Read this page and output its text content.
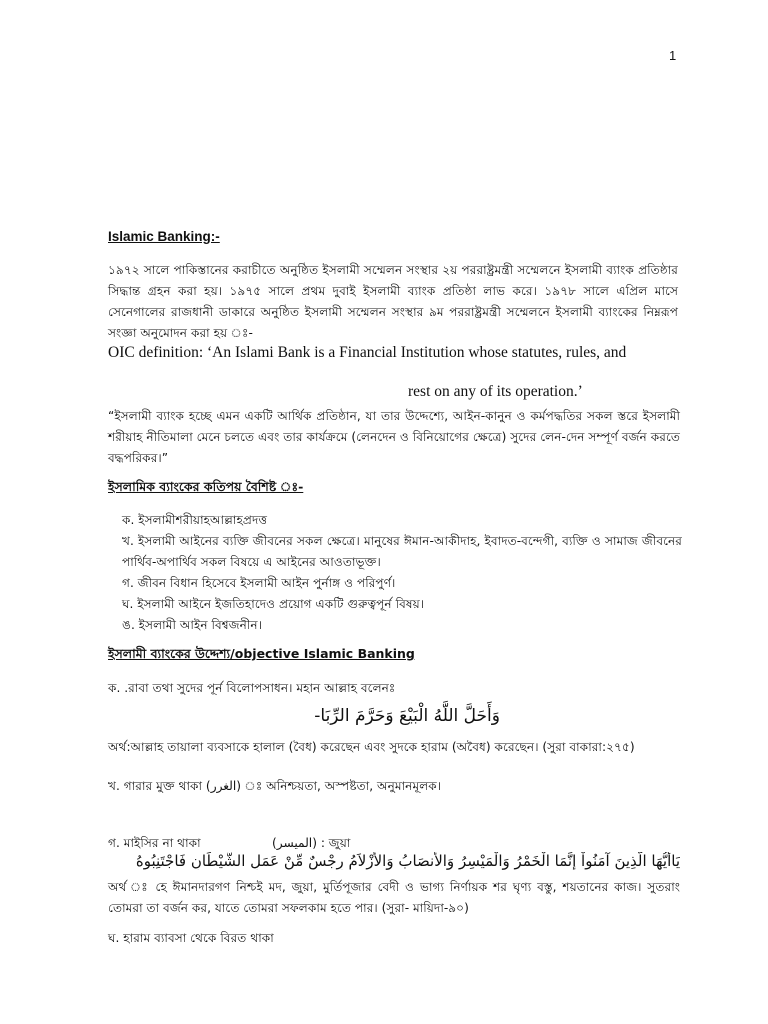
1
Islamic Banking:-
১৯৭২ সালে পাকিস্তানের করাচীতে অনুষ্ঠিত ইসলামী সম্মেলন সংস্থার ২য় পররাষ্ট্রমন্ত্রী সম্মেলনে ইসলামী ব্যাংক প্রতিষ্ঠার সিদ্ধান্ত গ্রহন করা হয়। ১৯৭৫ সালে প্রথম দুবাই ইসলামী ব্যাংক প্রতিষ্ঠা লাভ করে। ১৯৭৮ সালে এপ্রিল মাসে সেনেগালের রাজধানী ডাকারে অনুষ্ঠিত ইসলামী সম্মেলন সংস্থার ৯ম পররাষ্ট্রমন্ত্রী সম্মেলনে ইসলামী ব্যাংকের নিম্নরূপ সংজ্ঞা অনুমোদন করা হয় ঃ-
OIC definition: ‘An Islami Bank is a Financial Institution whose statutes, rules, and
rest on any of its operation.’
“ইসলামী ব্যাংক হচ্ছে এমন একটি আর্থিক প্রতিষ্ঠান, যা তার উদ্দেশ্যে, আইন-কানুন ও কর্মপদ্ধতির সকল স্তরে ইসলামী শরীয়াহ নীতিমালা মেনে চলতে এবং তার কার্যক্রমে (লেনদেন ও বিনিয়োগের ক্ষেত্রে) সুদের লেন-দেন সম্পূর্ণ বর্জন করতে বদ্ধপরিকর।”
ইসলামিক ব্যাংকের কতিপয় বৈশিষ্ট ঃ-
ক. ইসলামীশরীয়াহআল্লাহপ্রদত্ত
খ. ইসলামী আইনের ব্যক্তি জীবনের সকল ক্ষেত্রে। মানুষের ঈমান-আকীদাহ, ইবাদত-বন্দেগী, ব্যক্তি ও সামাজ জীবনের পার্থিব-অপার্থিব সকল বিষয়ে এ আইনের আওতাভূক্ত।
গ. জীবন বিধান হিসেবে ইসলামী আইন পুর্নাঙ্গ ও পরিপুর্ণ।
ঘ. ইসলামী আইনে ইজতিহাদেও প্রয়োগ একটি গুরুত্বপূর্ন বিষয়।
ঙ. ইসলামী আইন বিশ্বজনীন।
ইসলামী ব্যাংকের উদ্দেশ্য/objective Islamic Banking
ক. .রাবা তথা সুদের পূর্ন বিলোপসাধন। মহান আল্লাহ বলেনঃ
وَأَحَلَّ اللَّهُ الْبَيْعَ وَحَرَّمَ الرِّبَا-
অর্থ:আল্লাহ তায়ালা ব্যবসাকে হালাল (বৈধ) করেছেন এবং সুদকে হারাম (অবৈধ) করেছেন। (সুরা বাকারা:২৭৫)
খ. গারার মুক্ত থাকা (الغرر) ঃ অনিশ্চয়তা, অস্পষ্টতা, অনুমানমূলক।
গ. মাইসির না থাকা	(الميسر) : জুয়া
يَاأَيُّهَا الَّذِينَ آمَنُواْ إِنَّمَا الْخَمْرُ وَالْمَيْسِرُ وَالأَنصَابُ وَالأَزْلاَمُ رِجْسٌ مِّنْ عَمَلِ الشَّيْطَانِ فَاجْتَنِبُوهُ
অর্থ ঃ হে ঈমানদারগণ নিশ্চই মদ, জুয়া, মুর্তিপূজার বেদী ও ভাগ্য নির্ণায়ক শর ঘৃণ্য বস্তু, শয়তানের কাজ। সুতরাং তোমরা তা বর্জন কর, যাতে তোমরা সফলকাম হতে পার। (সুরা- মায়িদা-৯০)
ঘ. হারাম ব্যাবসা থেকে বিরত থাকা
